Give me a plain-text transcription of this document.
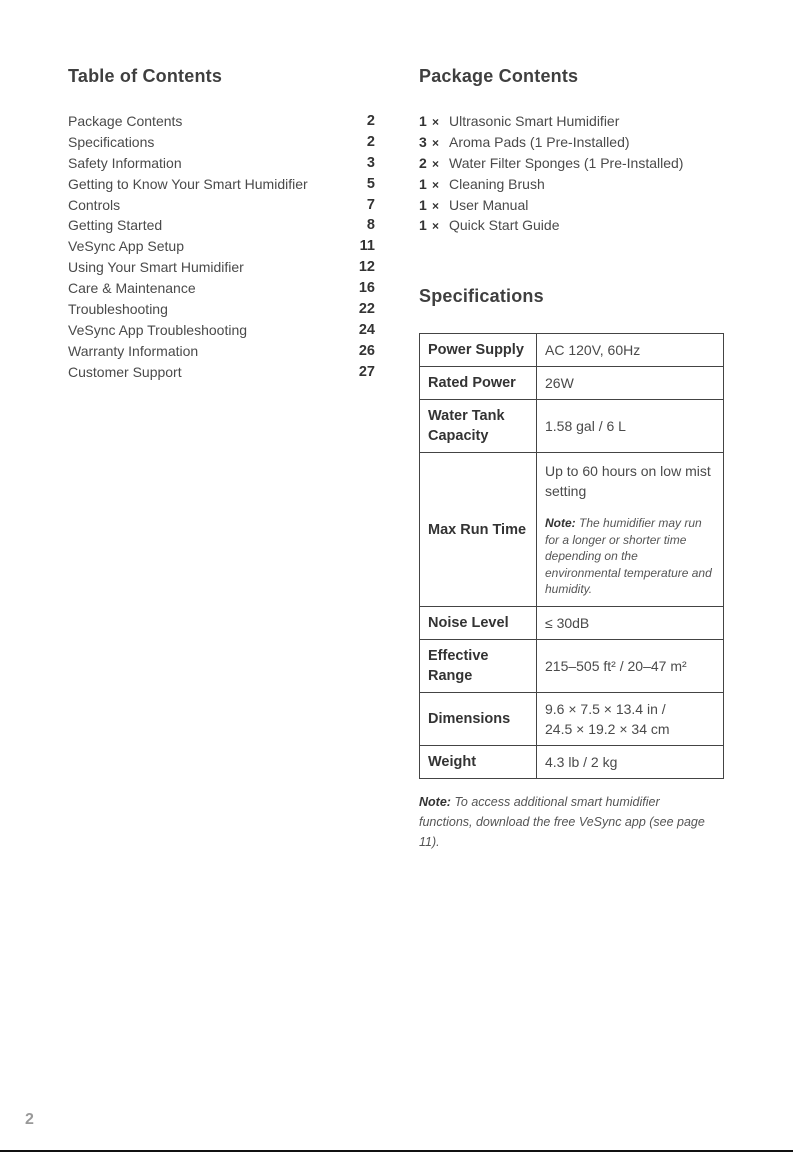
Table of Contents
Package Contents	2
Specifications	2
Safety Information	3
Getting to Know Your Smart Humidifier	5
Controls	7
Getting Started	8
VeSync App Setup	11
Using Your Smart Humidifier	12
Care & Maintenance	16
Troubleshooting	22
VeSync App Troubleshooting	24
Warranty Information	26
Customer Support	27
Package Contents
1 × Ultrasonic Smart Humidifier
3 × Aroma Pads (1 Pre-Installed)
2 × Water Filter Sponges (1 Pre-Installed)
1 × Cleaning Brush
1 × User Manual
1 × Quick Start Guide
Specifications
Power Supply	AC 120V, 60Hz
Rated Power	26W
Water Tank Capacity	1.58 gal / 6 L
Max Run Time	Up to 60 hours on low mist setting
Note: The humidifier may run for a longer or shorter time depending on the environmental temperature and humidity.

Noise Level	≤ 30dB
Effective Range	215–505 ft² / 20–47 m²
Dimensions	9.6 × 7.5 × 13.4 in /
24.5 × 19.2 × 34 cm

Weight	4.3 lb / 2 kg
Note: To access additional smart humidifier functions, download the free VeSync app (see page 11).
2
